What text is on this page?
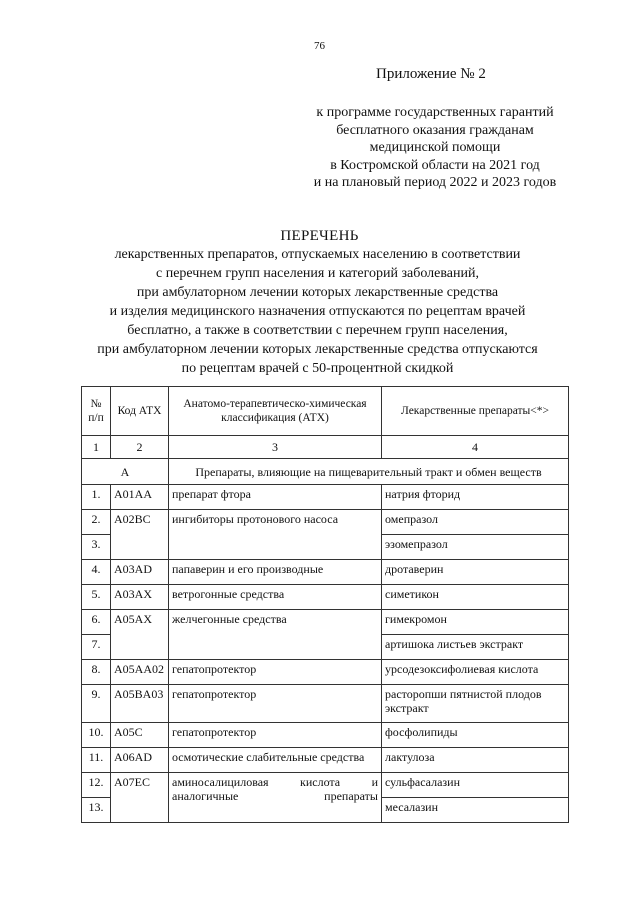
76
Приложение № 2
к программе государственных гарантий
бесплатного оказания гражданам
медицинской помощи
в Костромской области на 2021 год
и на плановый период 2022 и 2023 годов
ПЕРЕЧЕНЬ
лекарственных препаратов, отпускаемых населению в соответствии
с перечнем групп населения и категорий заболеваний,
при амбулаторном лечении которых лекарственные средства
и изделия медицинского назначения отпускаются по рецептам врачей
бесплатно, а также в соответствии с перечнем групп населения,
при амбулаторном лечении которых лекарственные средства отпускаются
по рецептам врачей с 50-процентной скидкой
№ п/п	Код АТХ	Анатомо-терапевтическо-химическая классификация (АТХ)	Лекарственные препараты<*>
1	2	3	4
А		Препараты, влияющие на пищеварительный тракт и обмен веществ	
1.	A01AA	препарат фтора	натрия фторид
2.	A02BC	ингибиторы протонового насоса	омепразол
3.			эзомепразол
4.	A03AD	папаверин и его производные	дротаверин
5.	A03AX	ветрогонные средства	симетикон
6.	A05AX	желчегонные средства	гимекромон
7.			артишока листьев экстракт
8.	A05AA02	гепатопротектор	урсодезоксифолиевая кислота
9.	A05BA03	гепатопротектор	расторопши пятнистой плодов экстракт
10.	A05C	гепатопротектор	фосфолипиды
11.	A06AD	осмотические слабительные средства	лактулоза
12.	A07EC	аминосалициловая кислота и аналогичные препараты	сульфасалазин
13.			месалазин
